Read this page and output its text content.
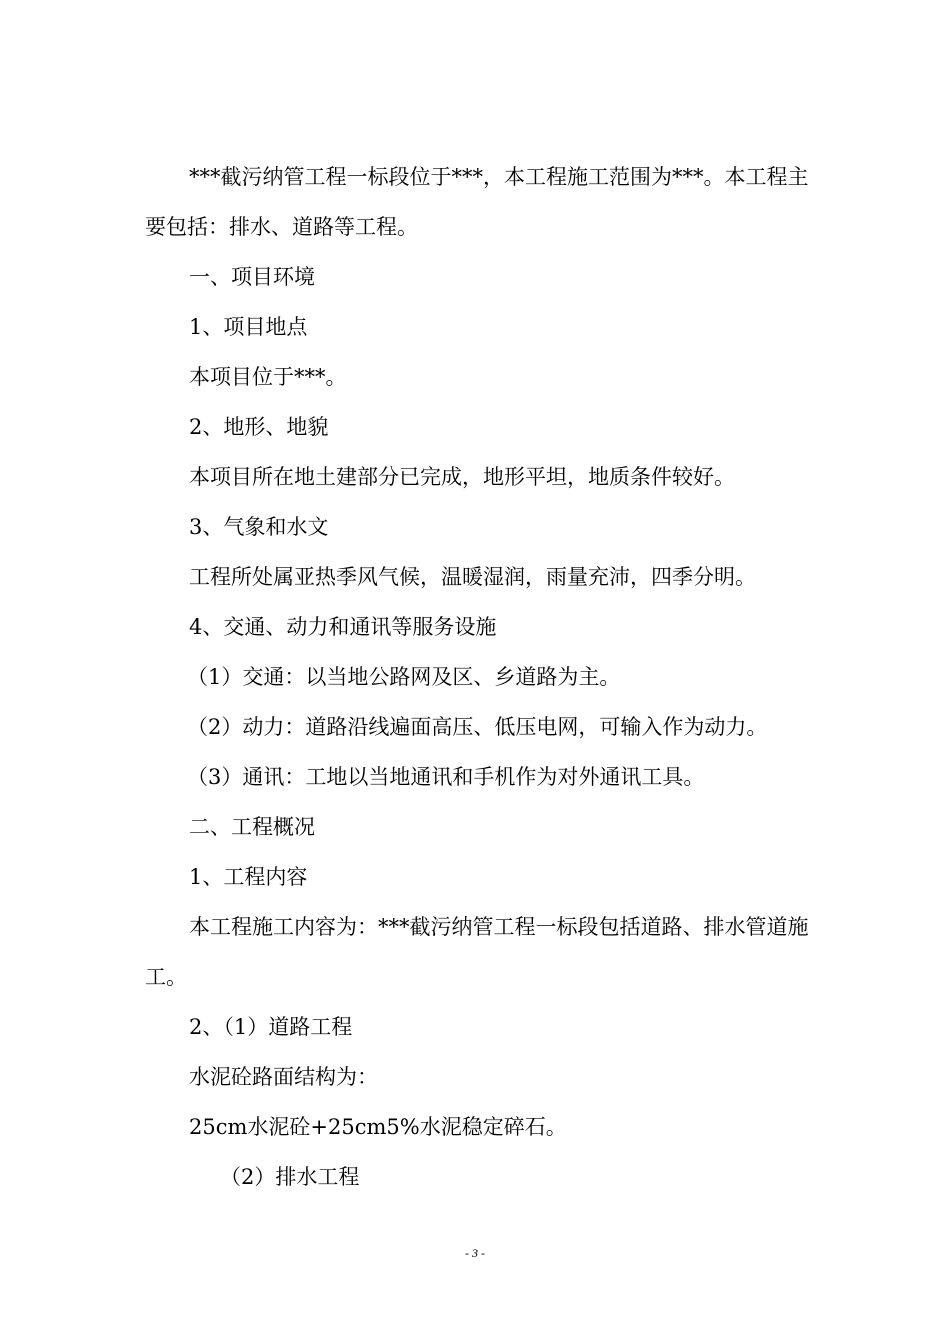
***截污纳管工程一标段位于***，本工程施工范围为***。本工程主要包括：排水、道路等工程。

一、项目环境

1、项目地点

本项目位于***。

2、地形、地貌

本项目所在地土建部分已完成，地形平坦，地质条件较好。

3、气象和水文

工程所处属亚热季风气候，温暖湿润，雨量充沛，四季分明。

4、交通、动力和通讯等服务设施

（1）交通：以当地公路网及区、乡道路为主。

（2）动力：道路沿线遍面高压、低压电网，可输入作为动力。

（3）通讯：工地以当地通讯和手机作为对外通讯工具。

二、工程概况

1、工程内容

本工程施工内容为：***截污纳管工程一标段包括道路、排水管道施工。

2、（1）道路工程

水泥砼路面结构为：

25cm水泥砼+25cm5%水泥稳定碎石。

（2）排水工程

- 3 -
